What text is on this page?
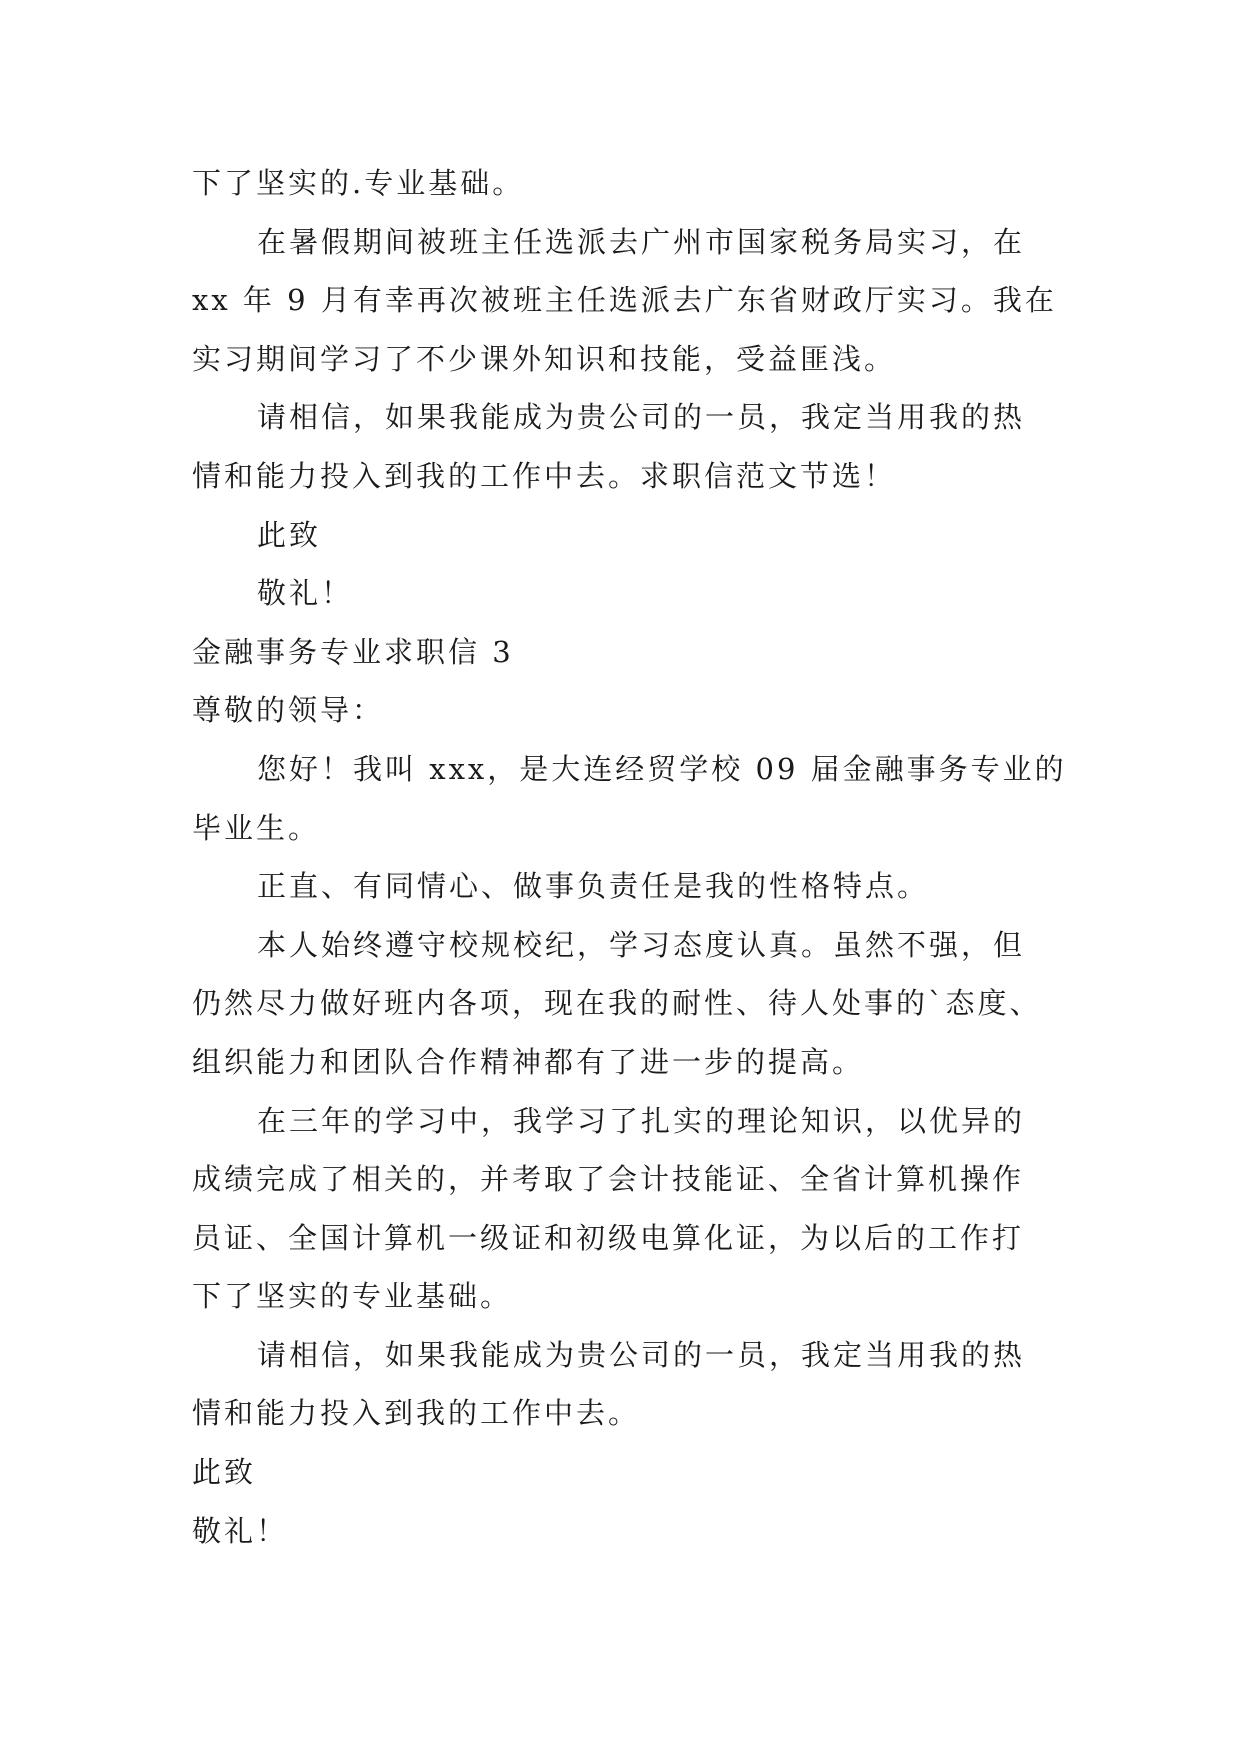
下了坚实的.专业基础。
在暑假期间被班主任选派去广州市国家税务局实习，在
xx 年 9 月有幸再次被班主任选派去广东省财政厅实习。我在
实习期间学习了不少课外知识和技能，受益匪浅。
请相信，如果我能成为贵公司的一员，我定当用我的热
情和能力投入到我的工作中去。求职信范文节选！
此致
敬礼！
金融事务专业求职信 3
尊敬的领导：
您好！我叫 xxx，是大连经贸学校 09 届金融事务专业的
毕业生。
正直、有同情心、做事负责任是我的性格特点。
本人始终遵守校规校纪，学习态度认真。虽然不强，但
仍然尽力做好班内各项，现在我的耐性、待人处事的`态度、
组织能力和团队合作精神都有了进一步的提高。
在三年的学习中，我学习了扎实的理论知识，以优异的
成绩完成了相关的，并考取了会计技能证、全省计算机操作
员证、全国计算机一级证和初级电算化证，为以后的工作打
下了坚实的专业基础。
请相信，如果我能成为贵公司的一员，我定当用我的热
情和能力投入到我的工作中去。
此致
敬礼！
